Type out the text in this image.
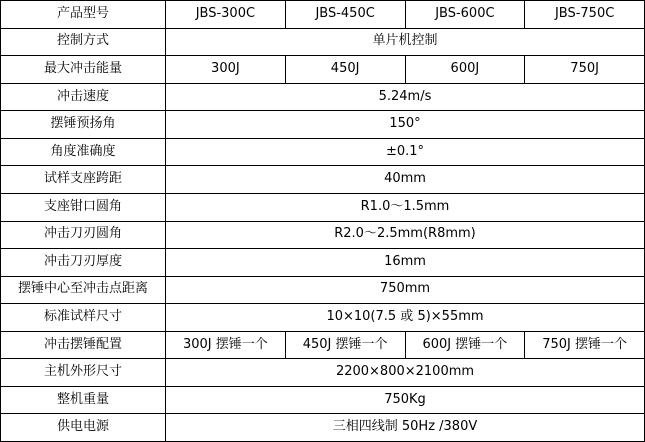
产品型号	JBS-300C	JBS-450C	JBS-600C	JBS-750C
控制方式	单片机控制			
最大冲击能量	300J	450J	600J	750J
冲击速度	5.24m/s			
摆锤预扬角	150°			
角度准确度	±0.1°			
试样支座跨距	40mm			
支座钳口圆角	R1.0～1.5mm			
冲击刀刃圆角	R2.0～2.5mm(R8mm)			
冲击刀刃厚度	16mm			
摆锤中心至冲击点距离	750mm			
标准试样尺寸	10×10(7.5 或 5)×55mm			
冲击摆锤配置	300J 摆锤一个	450J 摆锤一个	600J 摆锤一个	750J 摆锤一个
主机外形尺寸	2200×800×2100mm			
整机重量	750Kg			
供电电源	三相四线制 50Hz /380V			
